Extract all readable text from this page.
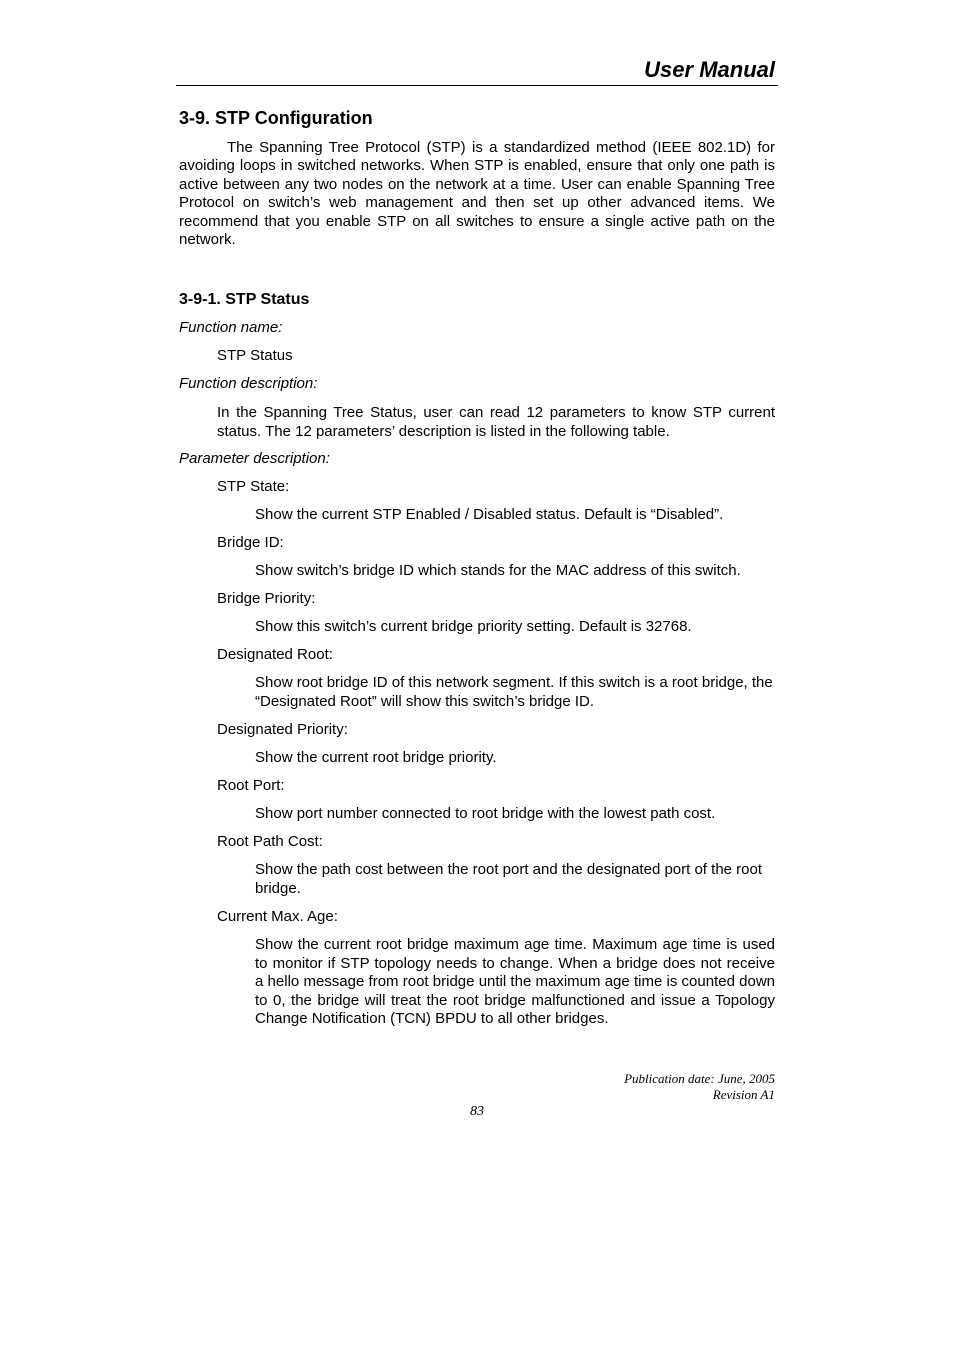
User Manual
3-9. STP Configuration

The Spanning Tree Protocol (STP) is a standardized method (IEEE 802.1D) for avoiding loops in switched networks. When STP is enabled, ensure that only one path is active between any two nodes on the network at a time. User can enable Spanning Tree Protocol on switch’s web management and then set up other advanced items. We recommend that you enable STP on all switches to ensure a single active path on the network.

3-9-1. STP Status
Function name:
STP Status
Function description:

In the Spanning Tree Status, user can read 12 parameters to know STP current status. The 12 parameters’ description is listed in the following table.

Parameter description:
STP State:

Show the current STP Enabled / Disabled status. Default is “Disabled”.

Bridge ID:

Show switch’s bridge ID which stands for the MAC address of this switch.

Bridge Priority:

Show this switch’s current bridge priority setting. Default is 32768.

Designated Root:

Show root bridge ID of this network segment. If this switch is a root bridge, the “Designated Root” will show this switch’s bridge ID.

Designated Priority:

Show the current root bridge priority.

Root Port:

Show port number connected to root bridge with the lowest path cost.

Root Path Cost:

Show the path cost between the root port and the designated port of the root bridge.

Current Max. Age:

Show the current root bridge maximum age time. Maximum age time is used to monitor if STP topology needs to change. When a bridge does not receive a hello message from root bridge until the maximum age time is counted down to 0, the bridge will treat the root bridge malfunctioned and issue a Topology Change Notification (TCN) BPDU to all other bridges.

Publication date: June, 2005
Revision A1
83
